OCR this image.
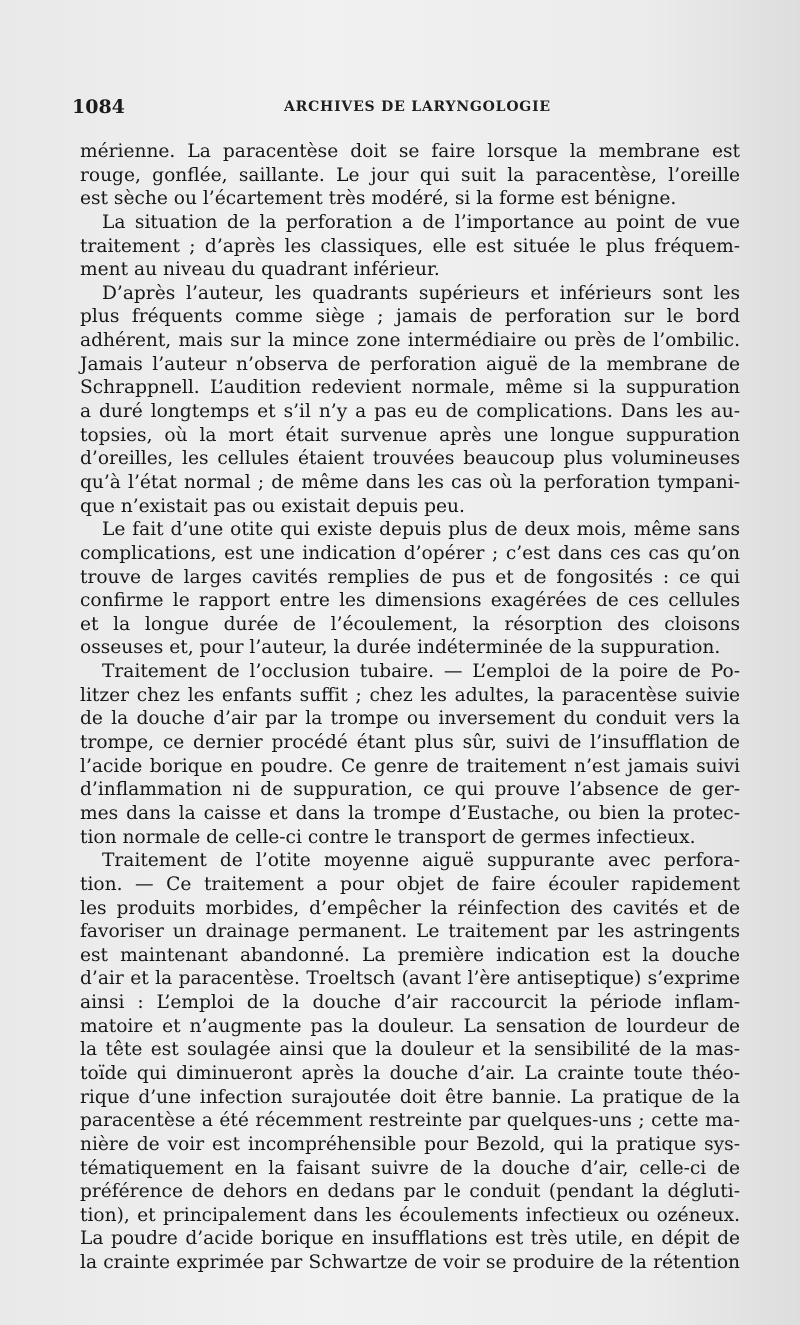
1084	ARCHIVES DE LARYNGOLOGIE
mérienne. La paracentèse doit se faire lorsque la membrane est
rouge, gonflée, saillante. Le jour qui suit la paracentèse, l’oreille
est sèche ou l’écartement très modéré, si la forme est bénigne.
La situation de la perforation a de l’importance au point de vue
traitement ; d’après les classiques, elle est située le plus fréquem-
ment au niveau du quadrant inférieur.
D’après l’auteur, les quadrants supérieurs et inférieurs sont les
plus fréquents comme siège ; jamais de perforation sur le bord
adhérent, mais sur la mince zone intermédiaire ou près de l’ombilic.
Jamais l’auteur n’observa de perforation aiguë de la membrane de
Schrappnell. L’audition redevient normale, même si la suppuration
a duré longtemps et s’il n’y a pas eu de complications. Dans les au-
topsies, où la mort était survenue après une longue suppuration
d’oreilles, les cellules étaient trouvées beaucoup plus volumineuses
qu’à l’état normal ; de même dans les cas où la perforation tympani-
que n’existait pas ou existait depuis peu.
Le fait d’une otite qui existe depuis plus de deux mois, même sans
complications, est une indication d’opérer ; c’est dans ces cas qu’on
trouve de larges cavités remplies de pus et de fongosités : ce qui
confirme le rapport entre les dimensions exagérées de ces cellules
et la longue durée de l’écoulement, la résorption des cloisons
osseuses et, pour l’auteur, la durée indéterminée de la suppuration.
Traitement de l’occlusion tubaire. — L’emploi de la poire de Po-
litzer chez les enfants suffit ; chez les adultes, la paracentèse suivie
de la douche d’air par la trompe ou inversement du conduit vers la
trompe, ce dernier procédé étant plus sûr, suivi de l’insufflation de
l’acide borique en poudre. Ce genre de traitement n’est jamais suivi
d’inflammation ni de suppuration, ce qui prouve l’absence de ger-
mes dans la caisse et dans la trompe d’Eustache, ou bien la protec-
tion normale de celle-ci contre le transport de germes infectieux.
Traitement de l’otite moyenne aiguë suppurante avec perfora-
tion. — Ce traitement a pour objet de faire écouler rapidement
les produits morbides, d’empêcher la réinfection des cavités et de
favoriser un drainage permanent. Le traitement par les astringents
est maintenant abandonné. La première indication est la douche
d’air et la paracentèse. Troeltsch (avant l’ère antiseptique) s’exprime
ainsi : L’emploi de la douche d’air raccourcit la période inflam-
matoire et n’augmente pas la douleur. La sensation de lourdeur de
la tête est soulagée ainsi que la douleur et la sensibilité de la mas-
toïde qui diminueront après la douche d’air. La crainte toute théo-
rique d’une infection surajoutée doit être bannie. La pratique de la
paracentèse a été récemment restreinte par quelques-uns ; cette ma-
nière de voir est incompréhensible pour Bezold, qui la pratique sys-
tématiquement en la faisant suivre de la douche d’air, celle-ci de
préférence de dehors en dedans par le conduit (pendant la dégluti-
tion), et principalement dans les écoulements infectieux ou ozéneux.
La poudre d’acide borique en insufflations est très utile, en dépit de
la crainte exprimée par Schwartze de voir se produire de la rétention
